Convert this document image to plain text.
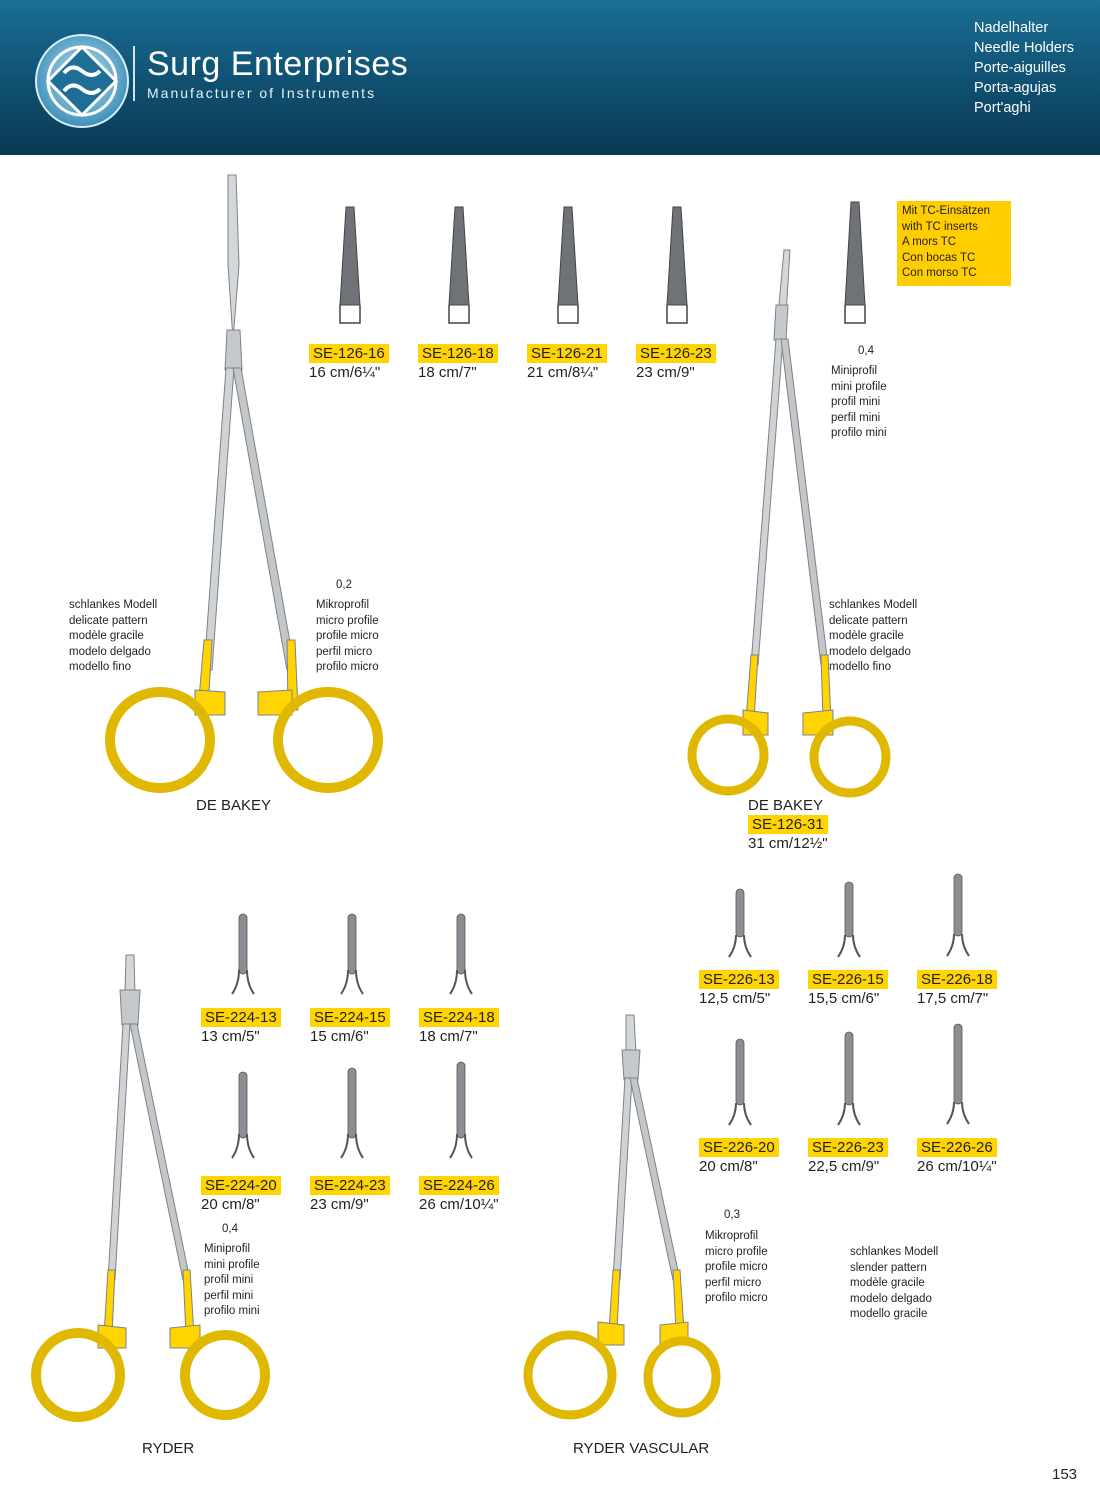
Surg Enterprises
Manufacturer of Instruments
Nadelhalter
Needle Holders
Porte-aiguilles
Porta-agujas
Port'aghi
SE-126-16
16 cm/6¼"
SE-126-18
18 cm/7"
SE-126-21
21 cm/8¼"
SE-126-23
23 cm/9"
schlankes Modell
delicate pattern
modèle gracile
modelo delgado
modello fino
0,2
Mikroprofil
micro profile
profile micro
perfil micro
profilo micro
DE BAKEY
Mit TC-Einsätzen
with TC inserts
A mors TC
Con bocas TC
Con morso TC
0,4
Miniprofil
mini profile
profil mini
perfil mini
profilo mini
schlankes Modell
delicate pattern
modèle gracile
modelo delgado
modello fino
DE BAKEY
SE-126-31
31 cm/12½"
SE-224-13
13 cm/5"
SE-224-15
15 cm/6"
SE-224-18
18 cm/7"
SE-224-20
20 cm/8"
SE-224-23
23 cm/9"
SE-224-26
26 cm/10¼"
0,4
Miniprofil
mini profile
profil mini
perfil mini
profilo mini
RYDER
SE-226-13
12,5 cm/5"
SE-226-15
15,5 cm/6"
SE-226-18
17,5 cm/7"
SE-226-20
20 cm/8"
SE-226-23
22,5 cm/9"
SE-226-26
26 cm/10¼"
0,3
Mikroprofil
micro profile
profile micro
perfil micro
profilo micro
schlankes Modell
slender pattern
modèle gracile
modelo delgado
modello gracile
RYDER VASCULAR
153
